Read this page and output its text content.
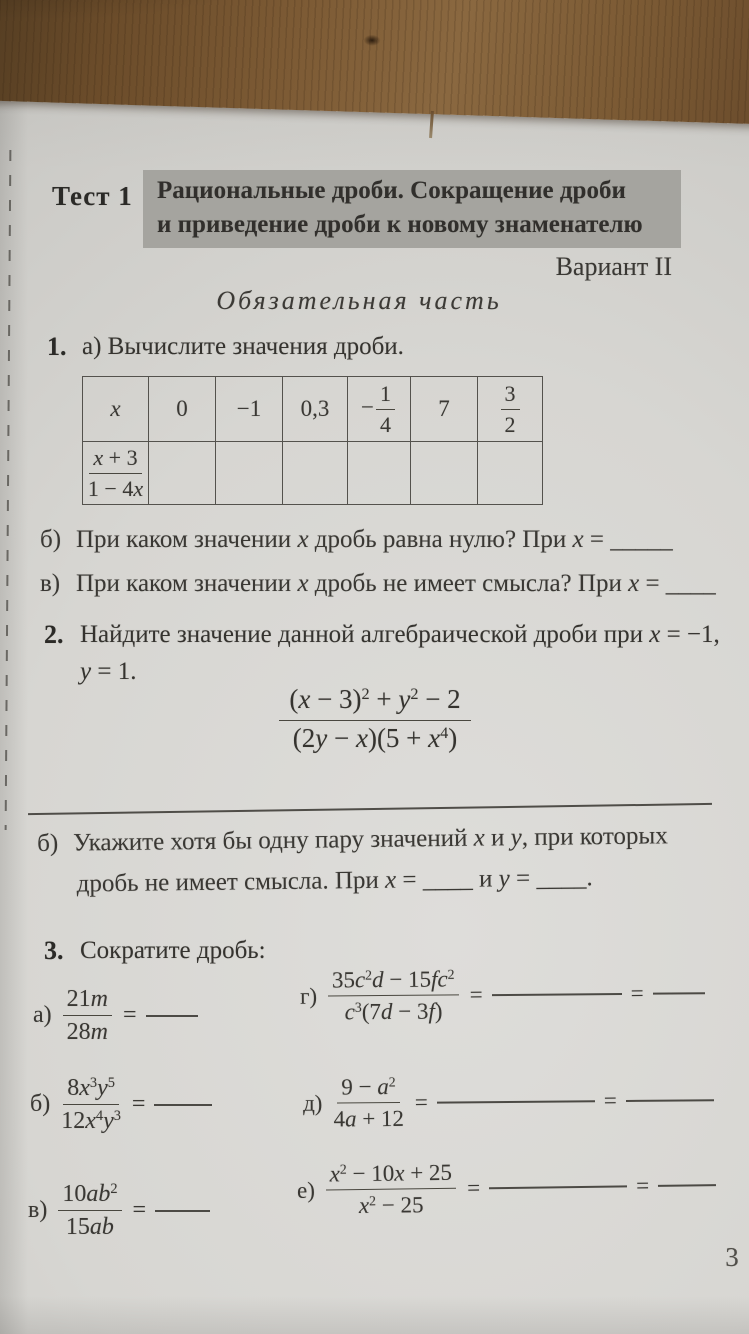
Тест 1 Рациональные дроби. Сокращение дроби
и приведение дроби к новому знаменателю
Вариант II
Обязательная часть
1. а) Вычислите значения дроби.
x	0	−1	0,3	− $\frac{1}{4}$	7	$\frac{3}{2}$

$\frac{x + 3}{1 - 4x}$

б) При каком значении x дробь равна нулю? При x = _____
в) При каком значении x дробь не имеет смысла? При x = ____
2. Найдите значение данной алгебраической дроби при x = −1,
y = 1.
$\frac{(x - 3)^2 + y^2 - 2}{(2y - x)(5 + x^4)}$
б) Укажите хотя бы одну пару значений x и y, при которых
дробь не имеет смысла. При x = ____ и y = ____.
3. Сократите дробь:
$а) \frac{21m}{28m}$ =
$г) \frac{35c^2d - 15fc^2}{c^3(7d - 3f)}$ =	=
$б) \frac{8x^3y^5}{12x^4y^3}$ =	$д) \frac{9 - a^2}{4a + 12}$ =	=
$в) \frac{10ab^2}{15ab}$ =
$е) \frac{x^2 - 10x + 25}{x^2 - 25}$ =	=
3
